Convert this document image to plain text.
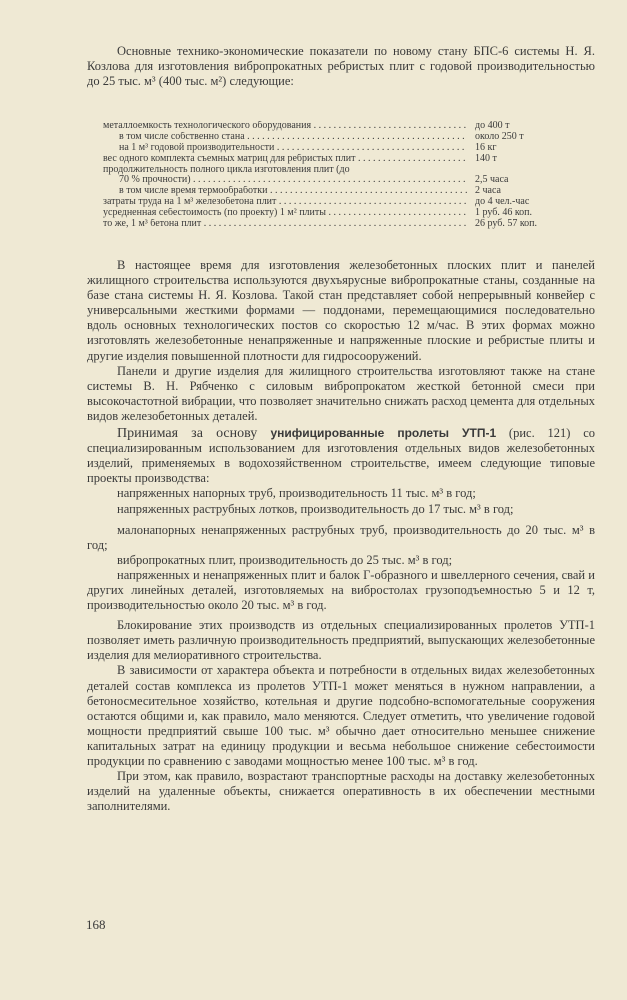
Основные технико-экономические показатели по новому стану БПС-6 системы Н. Я. Козлова для изготовления вибропрокатных ребристых плит с годовой производительностью до 25 тыс. м³ (400 тыс. м²) следующие:

металлоемкость технологического оборудования . . .	до 400 т
в том числе собственно стана . . .	около 250 т
на 1 м³ годовой производительности . . .	16 кг
вес одного комплекта съемных матриц для ребристых плит . . .	140 т
продолжительность полного цикла изготовления плит (до
70 % прочности) . . .	2,5 часа
в том числе время термообработки . . .	2 часа
затраты труда на 1 м³ железобетона плит . . .	до 4 чел.-час
усредненная себестоимость (по проекту) 1 м² плиты . . .	1 руб. 46 коп.
то же, 1 м³ бетона плит . . .	26 руб. 57 коп.

В настоящее время для изготовления железобетонных плоских плит и панелей жилищного строительства используются двухъярусные вибропрокатные станы, созданные на базе стана системы Н. Я. Козлова. Такой стан представляет собой непрерывный конвейер с универсальными жесткими формами — поддонами, перемещающимися последовательно вдоль основных технологических постов со скоростью 12 м/час. В этих формах можно изготовлять железобетонные ненапряженные и напряженные плоские и ребристые плиты и другие изделия повышенной плотности для гидросооружений.

Панели и другие изделия для жилищного строительства изготовляют также на стане системы В. Н. Рябченко с силовым вибропрокатом жесткой бетонной смеси при высокочастотной вибрации, что позволяет значительно снижать расход цемента для отдельных видов железобетонных деталей.

Принимая за основу унифицированные пролеты УТП-1 (рис. 121) со специализированным использованием для изготовления отдельных видов железобетонных изделий, применяемых в водохозяйственном строительстве, имеем следующие типовые проекты производства:

напряженных напорных труб, производительность 11 тыс. м³ в год;

напряженных раструбных лотков, производительность до 17 тыс. м³ в год;

малонапорных ненапряженных раструбных труб, производительность до 20 тыс. м³ в год;

вибропрокатных плит, производительность до 25 тыс. м³ в год;

напряженных и ненапряженных плит и балок Г-образного и швеллерного сечения, свай и других линейных деталей, изготовляемых на вибростолах грузоподъемностью 5 и 12 т, производительностью около 20 тыс. м³ в год.

Блокирование этих производств из отдельных специализированных пролетов УТП-1 позволяет иметь различную производительность предприятий, выпускающих железобетонные изделия для мелиоративного строительства.

В зависимости от характера объекта и потребности в отдельных видах железобетонных деталей состав комплекса из пролетов УТП-1 может меняться в нужном направлении, а бетоносмесительное хозяйство, котельная и другие подсобно-вспомогательные сооружения остаются общими и, как правило, мало меняются. Следует отметить, что увеличение годовой мощности предприятий свыше 100 тыс. м³ обычно дает относительно меньшее снижение капитальных затрат на единицу продукции и весьма небольшое снижение себестоимости продукции по сравнению с заводами мощностью менее 100 тыс. м³ в год.

При этом, как правило, возрастают транспортные расходы на доставку железобетонных изделий на удаленные объекты, снижается оперативность в их обеспечении местными заполнителями.

168
